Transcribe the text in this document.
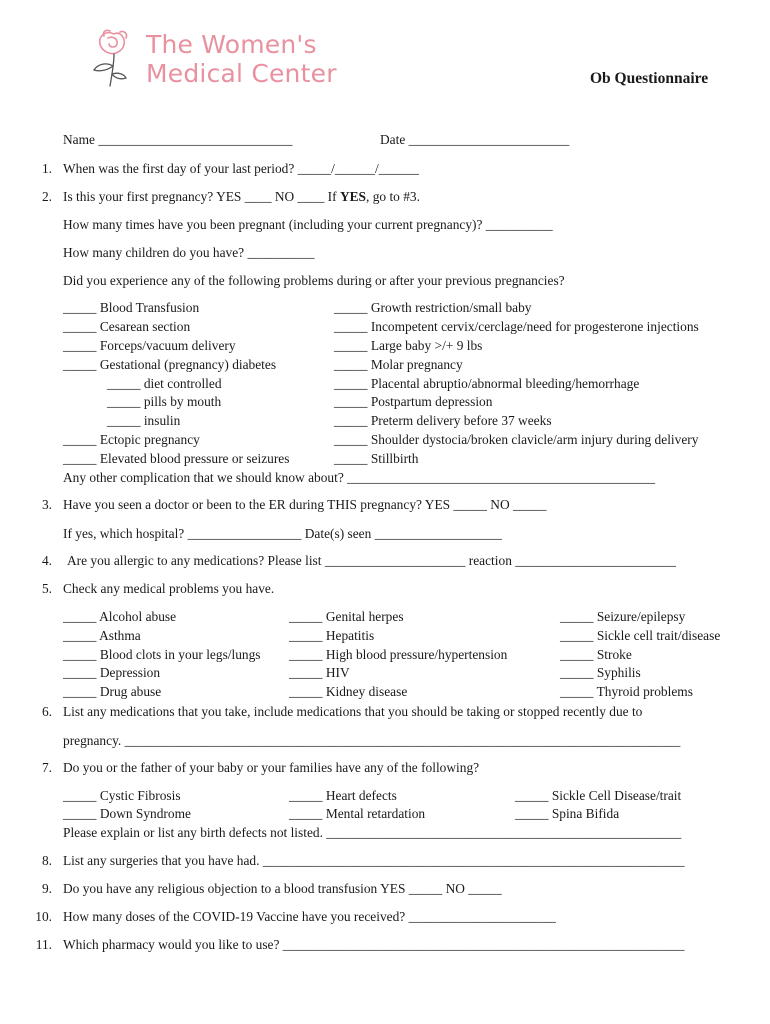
The Women's
Medical Center	Ob Questionnaire
Name _____________________________	Date ________________________
1. When was the first day of your last period? _____/______/______
2. Is this your first pregnancy? YES ____ NO ____ If YES, go to #3.
How many times have you been pregnant (including your current pregnancy)? __________
How many children do you have? __________
Did you experience any of the following problems during or after your previous pregnancies?
_____ Blood Transfusion
_____ Cesarean section
_____ Forceps/vacuum delivery
_____ Gestational (pregnancy) diabetes
_____ diet controlled
_____ pills by mouth
_____ insulin
_____ Ectopic pregnancy
_____ Elevated blood pressure or seizures
_____ Growth restriction/small baby
_____ Incompetent cervix/cerclage/need for progesterone injections
_____ Large baby >/+ 9 lbs
_____ Molar pregnancy
_____ Placental abruptio/abnormal bleeding/hemorrhage
_____ Postpartum depression
_____ Preterm delivery before 37 weeks
_____ Shoulder dystocia/broken clavicle/arm injury during delivery
_____ Stillbirth
Any other complication that we should know about? ______________________________________________
3. Have you seen a doctor or been to the ER during THIS pregnancy? YES _____ NO _____
If yes, which hospital? _________________ Date(s) seen ___________________
4. Are you allergic to any medications? Please list _____________________ reaction ________________________
5. Check any medical problems you have.
_____ Alcohol abuse
_____ Asthma
_____ Blood clots in your legs/lungs
_____ Depression
_____ Drug abuse
_____ Genital herpes
_____ Hepatitis
_____ High blood pressure/hypertension
_____ HIV
_____ Kidney disease
_____ Seizure/epilepsy
_____ Sickle cell trait/disease
_____ Stroke
_____ Syphilis
_____ Thyroid problems
6. List any medications that you take, include medications that you should be taking or stopped recently due to
pregnancy. ___________________________________________________________________________________
7. Do you or the father of your baby or your families have any of the following?
_____ Cystic Fibrosis
_____ Down Syndrome
_____ Heart defects
_____ Mental retardation
_____ Sickle Cell Disease/trait
_____ Spina Bifida
Please explain or list any birth defects not listed. _____________________________________________________
8. List any surgeries that you have had. _______________________________________________________________
9. Do you have any religious objection to a blood transfusion YES _____ NO _____
10. How many doses of the COVID-19 Vaccine have you received? ______________________
11. Which pharmacy would you like to use? ____________________________________________________________
